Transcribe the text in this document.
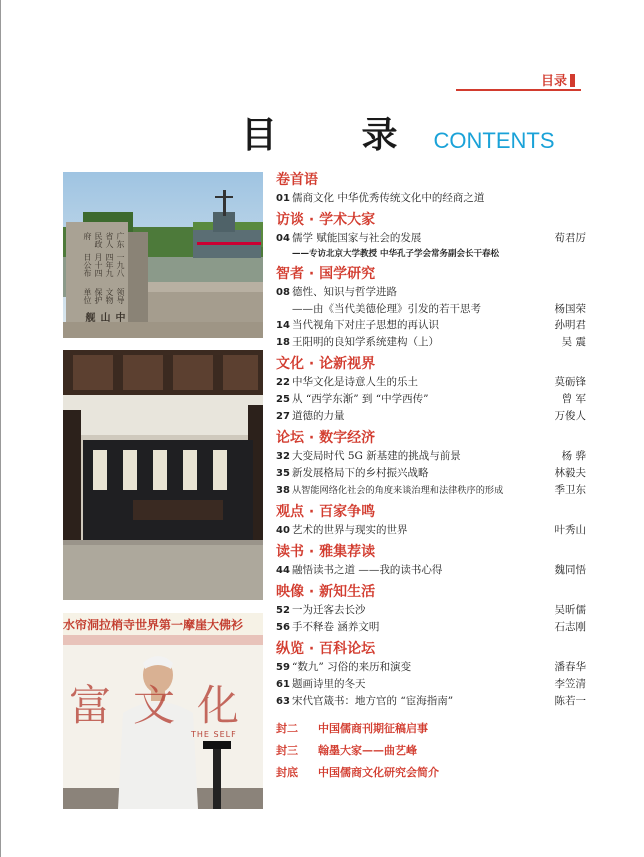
目录
目 录 CONTENTS
中山舰
领导文物保护单位
一九八四年九月十四日公布
广东省人民政府
水帘洞拉梢寺世界第一摩崖大佛衫
富文化
THE SELF
卷首语
01 儒商文化 中华优秀传统文化中的经商之道
访谈 · 学术大家
04 儒学 赋能国家与社会的发展	荀君厉
——专访北京大学教授 中华孔子学会常务副会长干春松
智者 · 国学研究
08 德性、知识与哲学进路
——由《当代美德伦理》引发的若干思考	杨国荣
14 当代视角下对庄子思想的再认识	孙明君
18 王阳明的良知学系统建构（上）	吴 震
文化 · 论新视界
22 中华文化是诗意人生的乐土	莫砺锋
25 从 “西学东渐” 到 “中学西传”	曾 军
27 道德的力量	万俊人
论坛 · 数字经济
32 大变局时代 5G 新基建的挑战与前景	杨 骅
35 新发展格局下的乡村振兴战略	林毅夫
38 从智能网络化社会的角度来谈治理和法律秩序的形成	季卫东
观点 · 百家争鸣
40 艺术的世界与现实的世界	叶秀山
读书 · 雅集荐读
44 融悟读书之道 ——我的读书心得	魏同悟
映像 · 新知生活
52 一为迁客去长沙	吴昕儒
56 手不释卷 涵养文明	石志刚
纵览 · 百科论坛
59 “数九” 习俗的来历和演变	潘春华
61 题画诗里的冬天	李笠清
63 宋代官箴书：地方官的 “宦海指南”	陈若一
封二	中国儒商刊期征稿启事
封三	翰墨大家——曲艺峰
封底	中国儒商文化研究会简介
